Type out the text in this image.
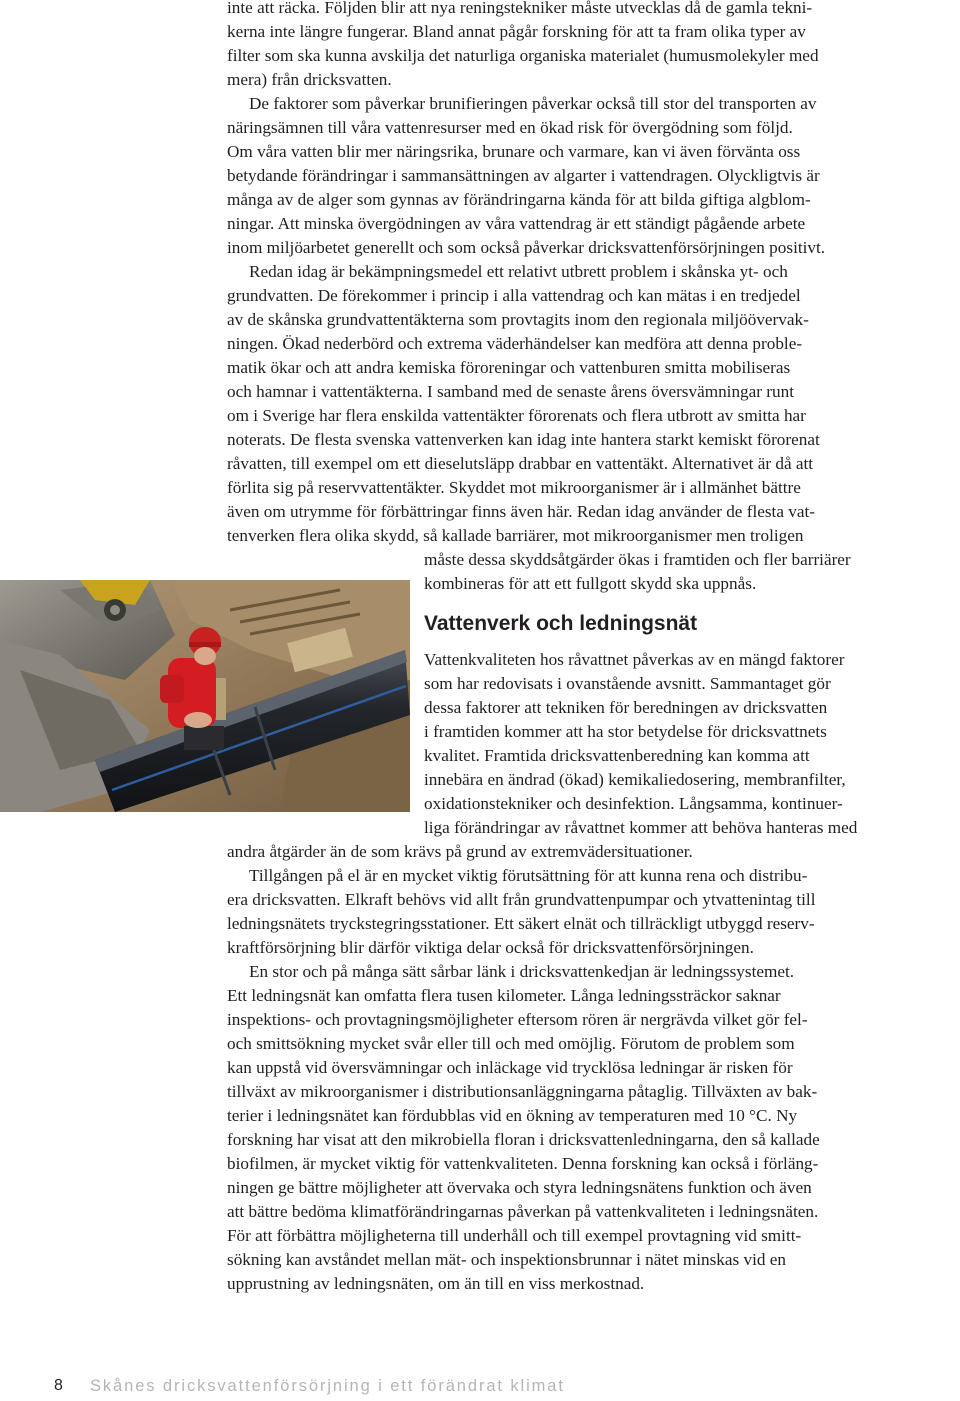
inte att räcka. Följden blir att nya reningstekniker måste utvecklas då de gamla tekni-
kerna inte längre fungerar. Bland annat pågår forskning för att ta fram olika typer av
filter som ska kunna avskilja det naturliga organiska materialet (humusmolekyler med
mera) från dricksvatten.
De faktorer som påverkar brunifieringen påverkar också till stor del transporten av
näringsämnen till våra vattenresurser med en ökad risk för övergödning som följd.
Om våra vatten blir mer näringsrika, brunare och varmare, kan vi även förvänta oss
betydande förändringar i sammansättningen av algarter i vattendragen. Olyckligtvis är
många av de alger som gynnas av förändringarna kända för att bilda giftiga algblom-
ningar. Att minska övergödningen av våra vattendrag är ett ständigt pågående arbete
inom miljöarbetet generellt och som också påverkar dricksvattenförsörjningen positivt.
Redan idag är bekämpningsmedel ett relativt utbrett problem i skånska yt- och
grundvatten. De förekommer i princip i alla vattendrag och kan mätas i en tredjedel
av de skånska grundvattentäkterna som provtagits inom den regionala miljöövervak-
ningen. Ökad nederbörd och extrema väderhändelser kan medföra att denna proble-
matik ökar och att andra kemiska föroreningar och vattenburen smitta mobiliseras
och hamnar i vattentäkterna. I samband med de senaste årens översvämningar runt
om i Sverige har flera enskilda vattentäkter förorenats och flera utbrott av smitta har
noterats. De flesta svenska vattenverken kan idag inte hantera starkt kemiskt förorenat
råvatten, till exempel om ett dieselutsläpp drabbar en vattentäkt. Alternativet är då att
förlita sig på reservvattentäkter. Skyddet mot mikroorganismer är i allmänhet bättre
även om utrymme för förbättringar finns även här. Redan idag använder de flesta vat-
tenverken flera olika skydd, så kallade barriärer, mot mikroorganismer men troligen
måste dessa skyddsåtgärder ökas i framtiden och fler barriärer
kombineras för att ett fullgott skydd ska uppnås.
Vattenverk och ledningsnät
Vattenkvaliteten hos råvattnet påverkas av en mängd faktorer
som har redovisats i ovanstående avsnitt. Sammantaget gör
dessa faktorer att tekniken för beredningen av dricksvatten
i framtiden kommer att ha stor betydelse för dricksvattnets
kvalitet. Framtida dricksvattenberedning kan komma att
innebära en ändrad (ökad) kemikaliedosering, membranfilter,
oxidationstekniker och desinfektion. Långsamma, kontinuer-
liga förändringar av råvattnet kommer att behöva hanteras med
andra åtgärder än de som krävs på grund av extremvädersituationer.
Tillgången på el är en mycket viktig förutsättning för att kunna rena och distribu-
era dricksvatten. Elkraft behövs vid allt från grundvattenpumpar och ytvattenintag till
ledningsnätets tryckstegringsstationer. Ett säkert elnät och tillräckligt utbyggd reserv-
kraftförsörjning blir därför viktiga delar också för dricksvattenförsörjningen.
En stor och på många sätt sårbar länk i dricksvattenkedjan är ledningssystemet.
Ett ledningsnät kan omfatta flera tusen kilometer. Långa ledningssträckor saknar
inspektions- och provtagningsmöjligheter eftersom rören är nergrävda vilket gör fel-
och smittsökning mycket svår eller till och med omöjlig. Förutom de problem som
kan uppstå vid översvämningar och inläckage vid trycklösa ledningar är risken för
tillväxt av mikroorganismer i distributionsanläggningarna påtaglig. Tillväxten av bak-
terier i ledningsnätet kan fördubblas vid en ökning av temperaturen med 10 °C. Ny
forskning har visat att den mikrobiella floran i dricksvattenledningarna, den så kallade
biofilmen, är mycket viktig för vattenkvaliteten. Denna forskning kan också i förläng-
ningen ge bättre möjligheter att övervaka och styra ledningsnätens funktion och även
att bättre bedöma klimatförändringarnas påverkan på vattenkvaliteten i ledningsnäten.
För att förbättra möjligheterna till underhåll och till exempel provtagning vid smitt-
sökning kan avståndet mellan mät- och inspektionsbrunnar i nätet minskas vid en
upprustning av ledningsnäten, om än till en viss merkostnad.
8 Skånes dricksvattenförsörjning i ett förändrat klimat
